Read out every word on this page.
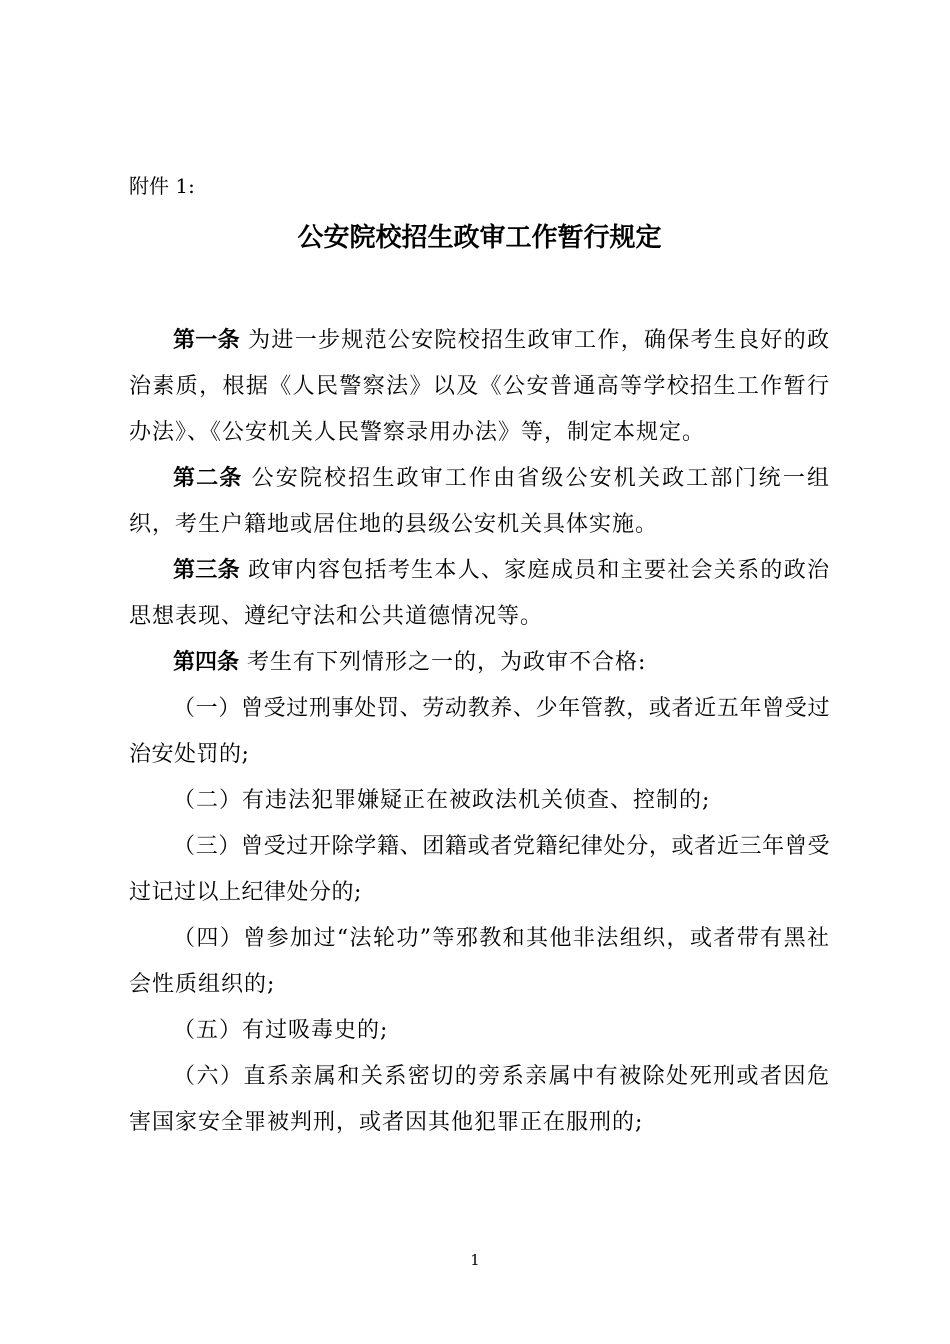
附件 1:

公安院校招生政审工作暂行规定

第一条 为进一步规范公安院校招生政审工作，确保考生良好的政治素质，根据《人民警察法》以及《公安普通高等学校招生工作暂行办法》、《公安机关人民警察录用办法》等，制定本规定。

第二条 公安院校招生政审工作由省级公安机关政工部门统一组织，考生户籍地或居住地的县级公安机关具体实施。

第三条 政审内容包括考生本人、家庭成员和主要社会关系的政治思想表现、遵纪守法和公共道德情况等。

第四条 考生有下列情形之一的，为政审不合格:

（一）曾受过刑事处罚、劳动教养、少年管教，或者近五年曾受过治安处罚的;

（二）有违法犯罪嫌疑正在被政法机关侦查、控制的;

（三）曾受过开除学籍、团籍或者党籍纪律处分，或者近三年曾受过记过以上纪律处分的;

（四）曾参加过“法轮功”等邪教和其他非法组织，或者带有黑社会性质组织的;

（五）有过吸毒史的;

（六）直系亲属和关系密切的旁系亲属中有被除处死刑或者因危害国家安全罪被判刑，或者因其他犯罪正在服刑的;

1
